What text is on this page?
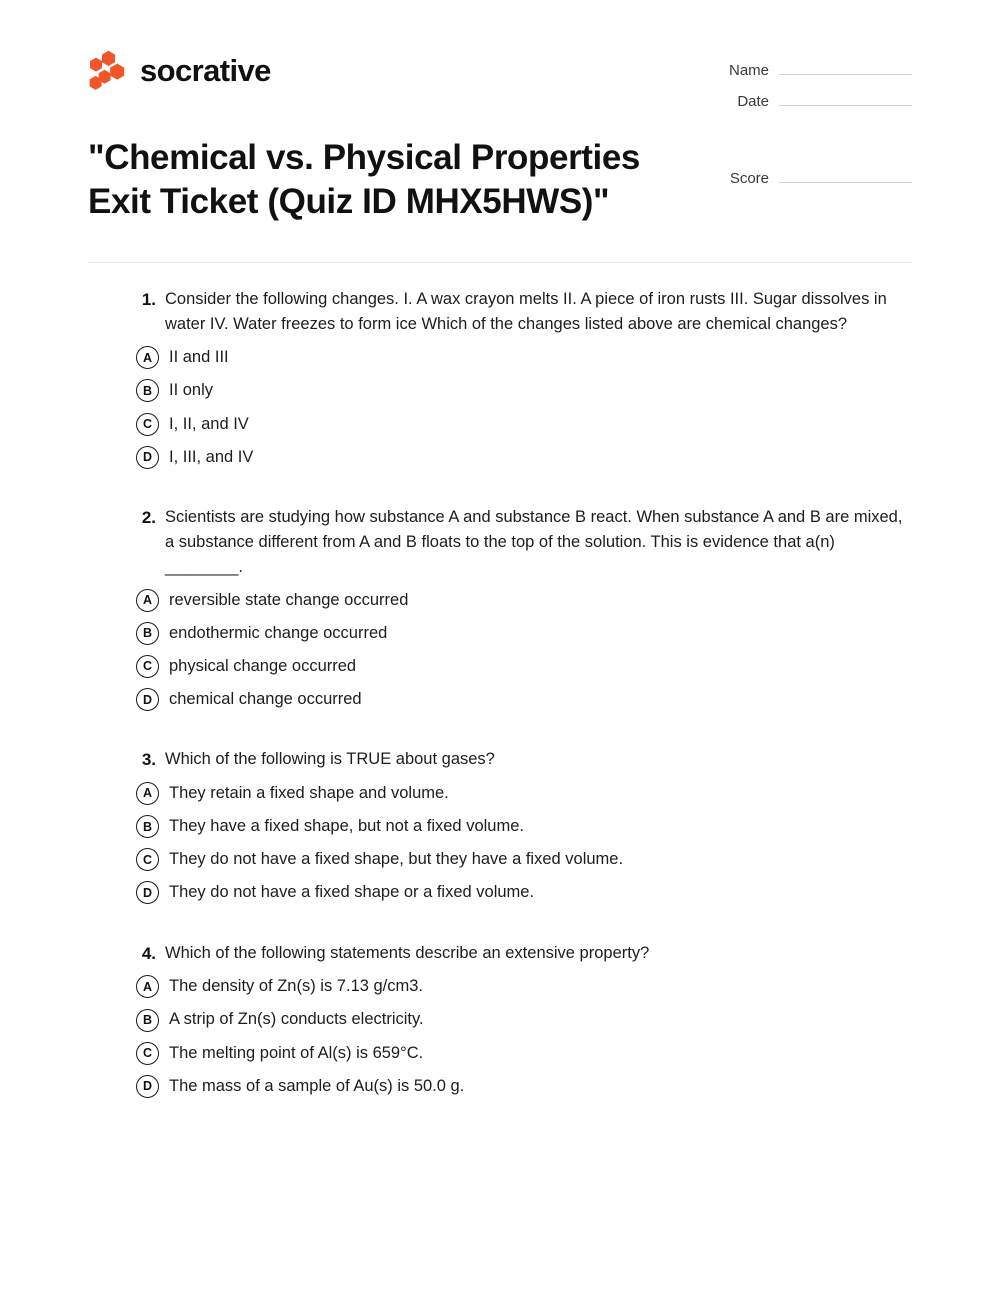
socrative	Name
Date
"Chemical vs. Physical Properties Exit Ticket (Quiz ID MHX5HWS)"
Score
1. Consider the following changes. I. A wax crayon melts II. A piece of iron rusts III. Sugar dissolves in water IV. Water freezes to form ice Which of the changes listed above are chemical changes?
A	II and III
B	II only
C	I, II, and IV
D	I, III, and IV
2. Scientists are studying how substance A and substance B react. When substance A and B are mixed, a substance different from A and B floats to the top of the solution. This is evidence that a(n) ________.
A	reversible state change occurred
B	endothermic change occurred
C	physical change occurred
D	chemical change occurred
3. Which of the following is TRUE about gases?
A	They retain a fixed shape and volume.
B	They have a fixed shape, but not a fixed volume.
C	They do not have a fixed shape, but they have a fixed volume.
D	They do not have a fixed shape or a fixed volume.
4. Which of the following statements describe an extensive property?
A	The density of Zn(s) is 7.13 g/cm3.
B	A strip of Zn(s) conducts electricity.
C	The melting point of Al(s) is 659°C.
D	The mass of a sample of Au(s) is 50.0 g.
